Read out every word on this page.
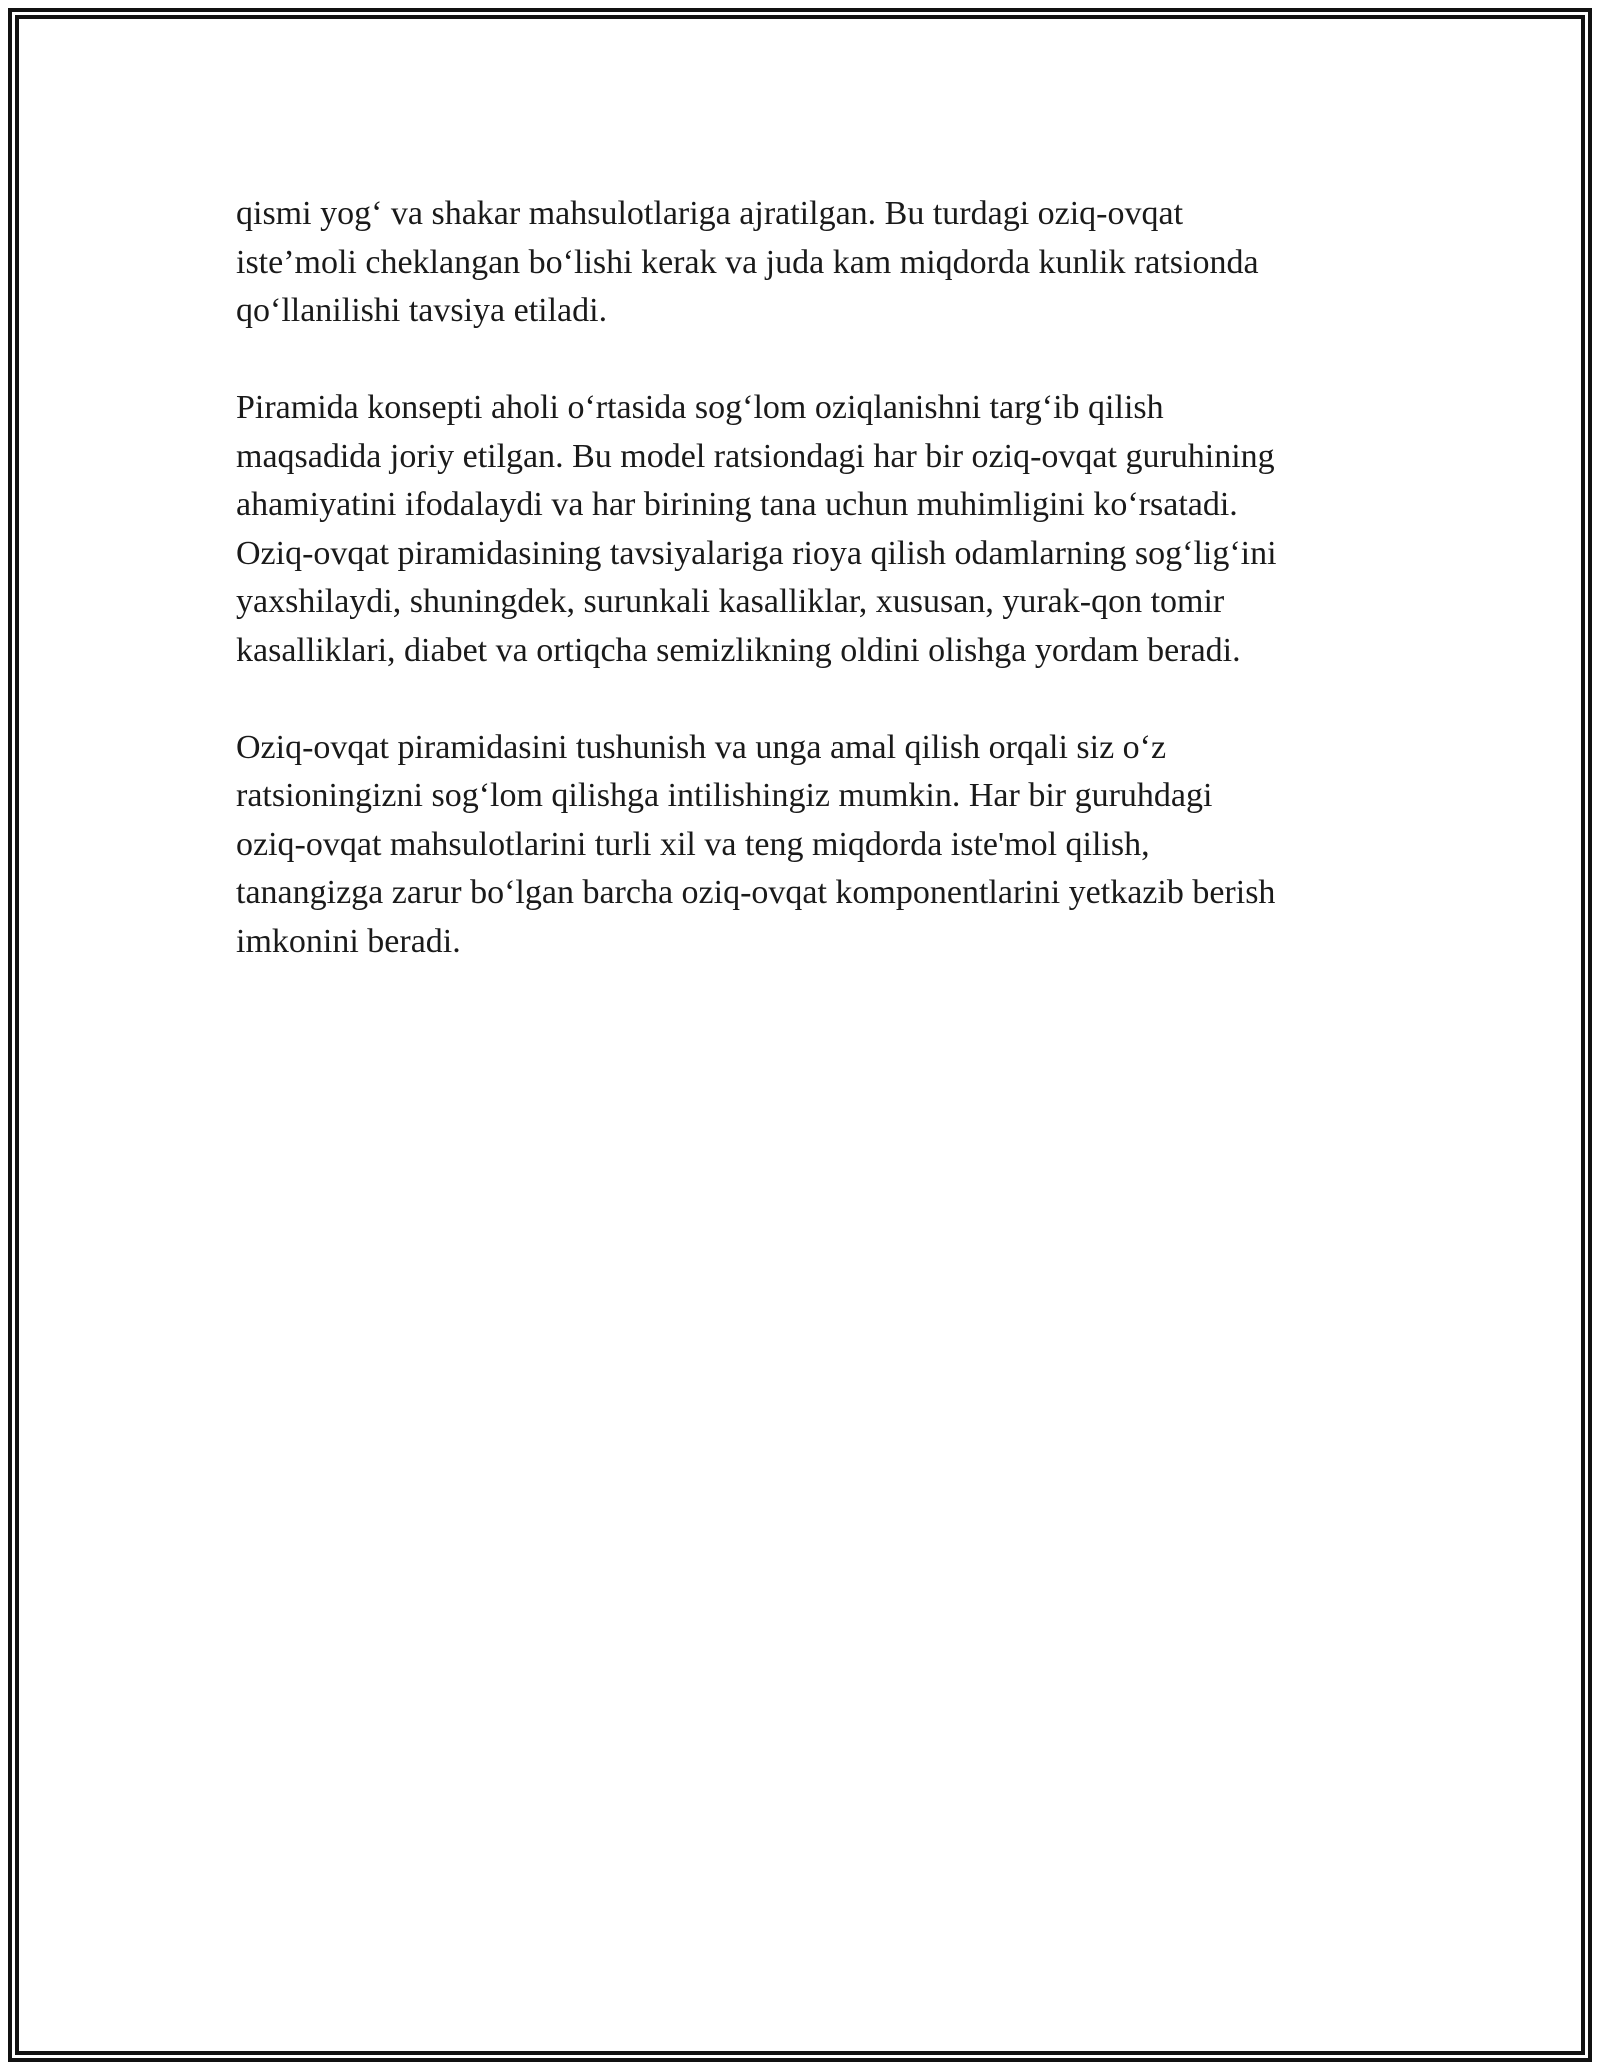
qismi yog‘ va shakar mahsulotlariga ajratilgan. Bu turdagi oziq-ovqat
iste’moli cheklangan bo‘lishi kerak va juda kam miqdorda kunlik ratsionda
qo‘llanilishi tavsiya etiladi.

Piramida konsepti aholi o‘rtasida sog‘lom oziqlanishni targ‘ib qilish
maqsadida joriy etilgan. Bu model ratsiondagi har bir oziq-ovqat guruhining
ahamiyatini ifodalaydi va har birining tana uchun muhimligini ko‘rsatadi.
Oziq-ovqat piramidasining tavsiyalariga rioya qilish odamlarning sog‘lig‘ini
yaxshilaydi, shuningdek, surunkali kasalliklar, xususan, yurak-qon tomir
kasalliklari, diabet va ortiqcha semizlikning oldini olishga yordam beradi.

Oziq-ovqat piramidasini tushunish va unga amal qilish orqali siz o‘z
ratsioningizni sog‘lom qilishga intilishingiz mumkin. Har bir guruhdagi
oziq-ovqat mahsulotlarini turli xil va teng miqdorda iste'mol qilish,
tanangizga zarur bo‘lgan barcha oziq-ovqat komponentlarini yetkazib berish
imkonini beradi.
